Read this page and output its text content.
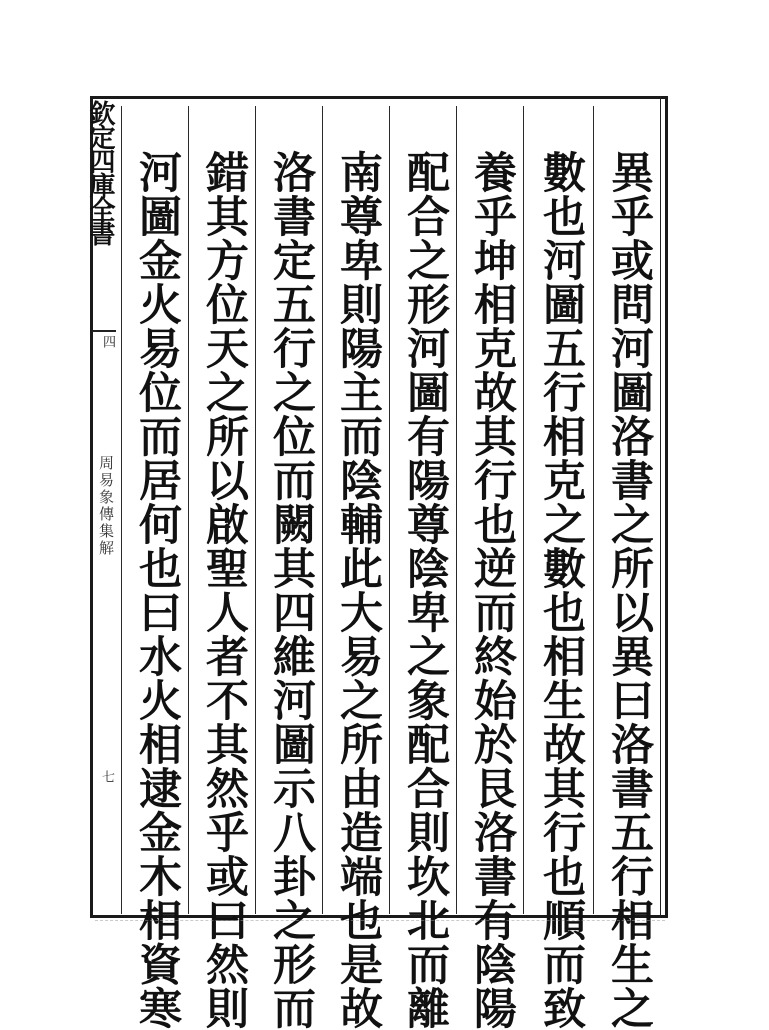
欽定四庫全書
四
周易象傳集解
七	異乎或問河圖洛書之所以異曰洛書五行相生之
數也河圖五行相克之數也相生故其行也順而致
養乎坤相克故其行也逆而終始於艮洛書有陰陽
配合之形河圖有陽尊陰卑之象配合則坎北而離
南尊卑則陽主而陰輔此大易之所由造端也是故
洛書定五行之位而闕其四維河圖示八卦之形而
錯其方位天之所以啟聖人者不其然乎或曰然則
河圖金火易位而居何也曰水火相逮金木相資寒
